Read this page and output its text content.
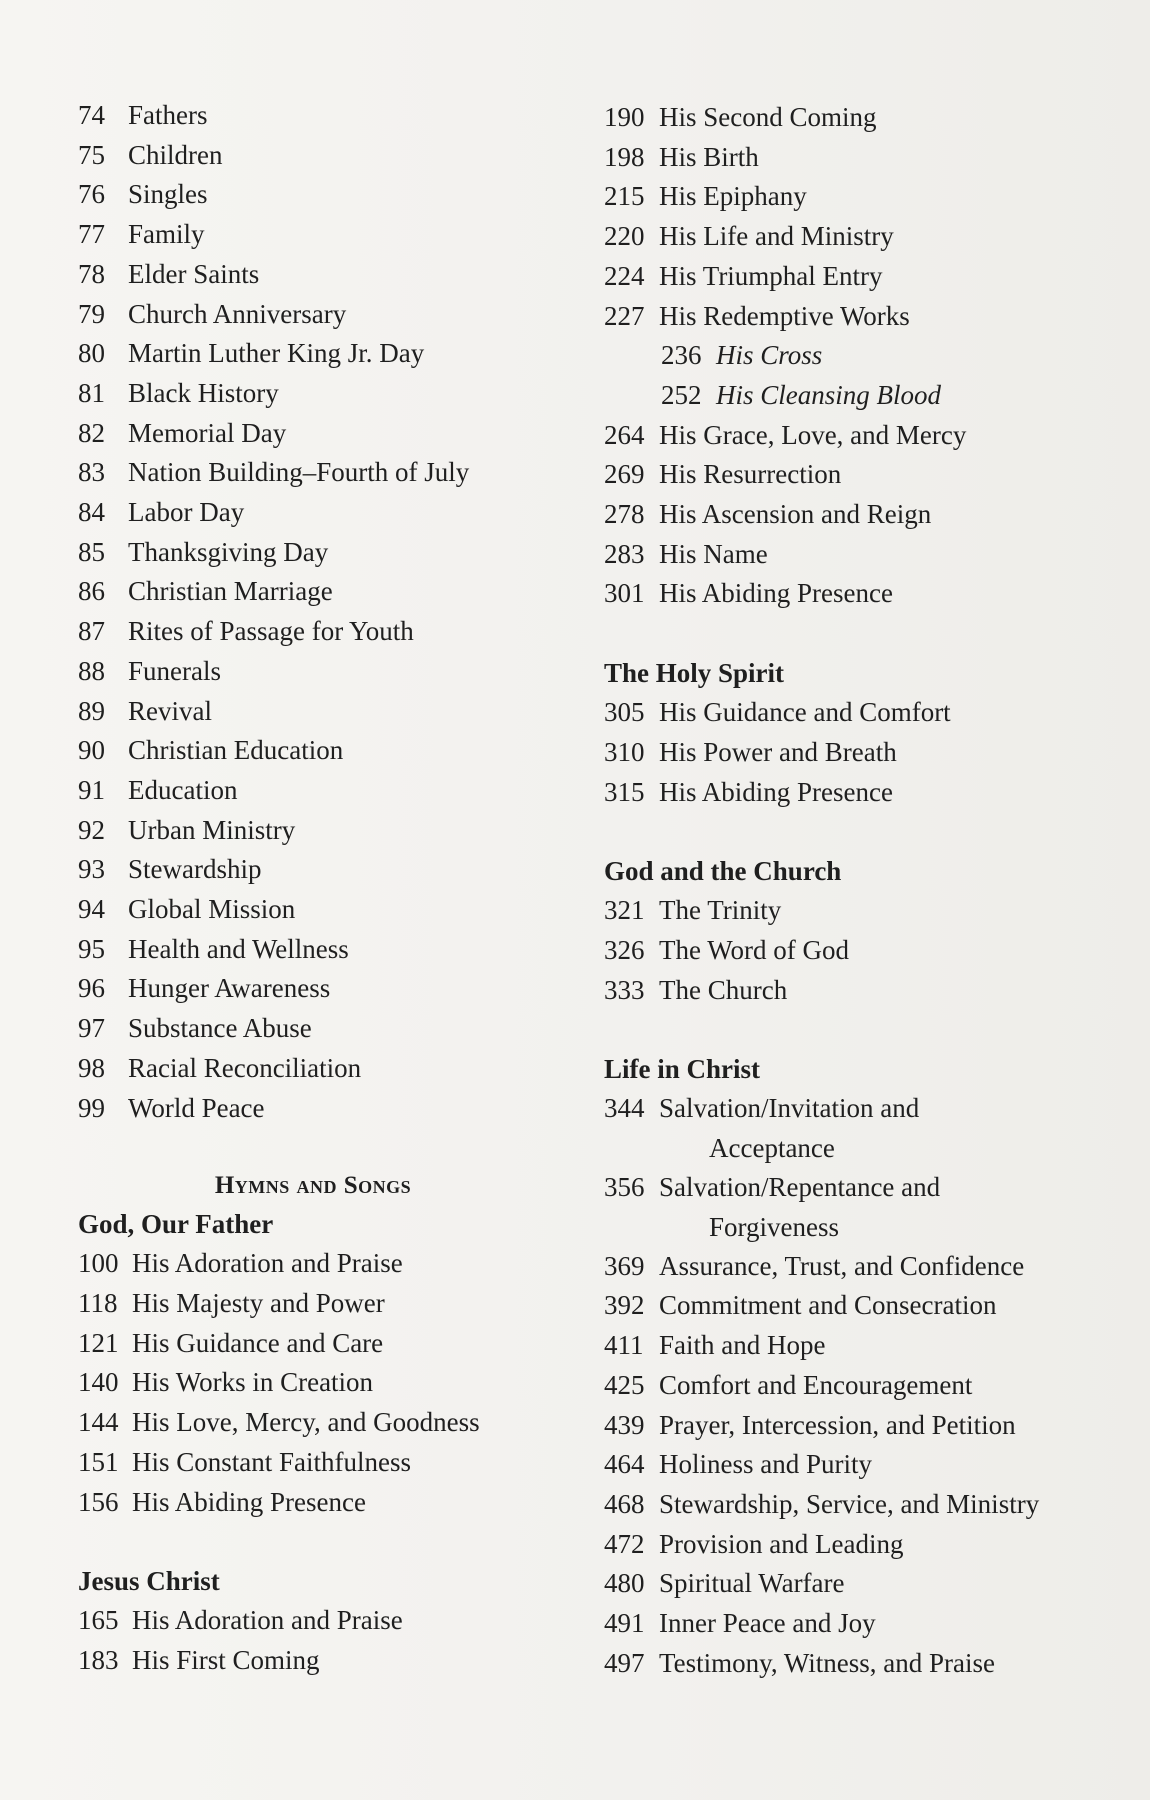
74 Fathers
75 Children
76 Singles
77 Family
78 Elder Saints
79 Church Anniversary
80 Martin Luther King Jr. Day
81 Black History
82 Memorial Day
83 Nation Building–Fourth of July
84 Labor Day
85 Thanksgiving Day
86 Christian Marriage
87 Rites of Passage for Youth
88 Funerals
89 Revival
90 Christian Education
91 Education
92 Urban Ministry
93 Stewardship
94 Global Mission
95 Health and Wellness
96 Hunger Awareness
97 Substance Abuse
98 Racial Reconciliation
99 World Peace
Hymns and Songs
God, Our Father
100 His Adoration and Praise
118 His Majesty and Power
121 His Guidance and Care
140 His Works in Creation
144 His Love, Mercy, and Goodness
151 His Constant Faithfulness
156 His Abiding Presence
Jesus Christ
165 His Adoration and Praise
183 His First Coming
190 His Second Coming
198 His Birth
215 His Epiphany
220 His Life and Ministry
224 His Triumphal Entry
227 His Redemptive Works
236 His Cross
252 His Cleansing Blood
264 His Grace, Love, and Mercy
269 His Resurrection
278 His Ascension and Reign
283 His Name
301 His Abiding Presence
The Holy Spirit
305 His Guidance and Comfort
310 His Power and Breath
315 His Abiding Presence
God and the Church
321 The Trinity
326 The Word of God
333 The Church
Life in Christ
344 Salvation/Invitation and
Acceptance
356 Salvation/Repentance and
Forgiveness
369 Assurance, Trust, and Confidence
392 Commitment and Consecration
411 Faith and Hope
425 Comfort and Encouragement
439 Prayer, Intercession, and Petition
464 Holiness and Purity
468 Stewardship, Service, and Ministry
472 Provision and Leading
480 Spiritual Warfare
491 Inner Peace and Joy
497 Testimony, Witness, and Praise
